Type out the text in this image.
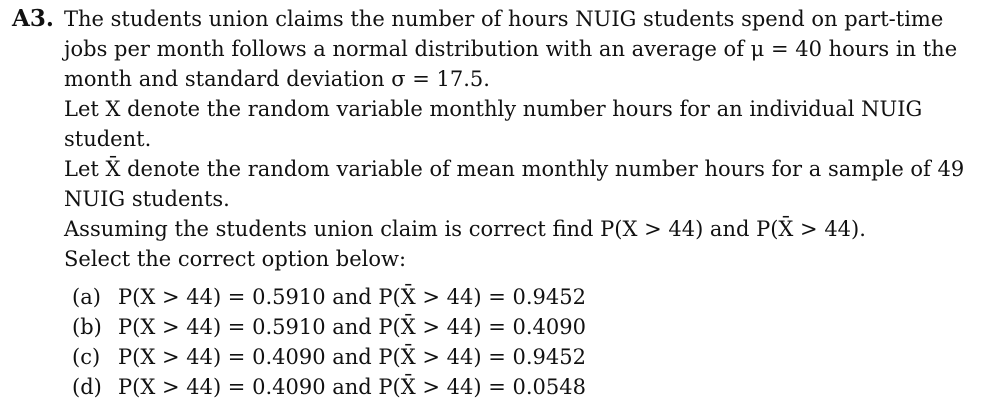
A3. The students union claims the number of hours NUIG students spend on part-time
jobs per month follows a normal distribution with an average of μ = 40 hours in the
month and standard deviation σ = 17.5.
Let X denote the random variable monthly number hours for an individual NUIG
student.
Let X̄ denote the random variable of mean monthly number hours for a sample of 49
NUIG students.
Assuming the students union claim is correct find P(X > 44) and P(X̄ > 44).
Select the correct option below:
(a) P(X > 44) = 0.5910 and P(X̄ > 44) = 0.9452
(b) P(X > 44) = 0.5910 and P(X̄ > 44) = 0.4090
(c) P(X > 44) = 0.4090 and P(X̄ > 44) = 0.9452
(d) P(X > 44) = 0.4090 and P(X̄ > 44) = 0.0548
